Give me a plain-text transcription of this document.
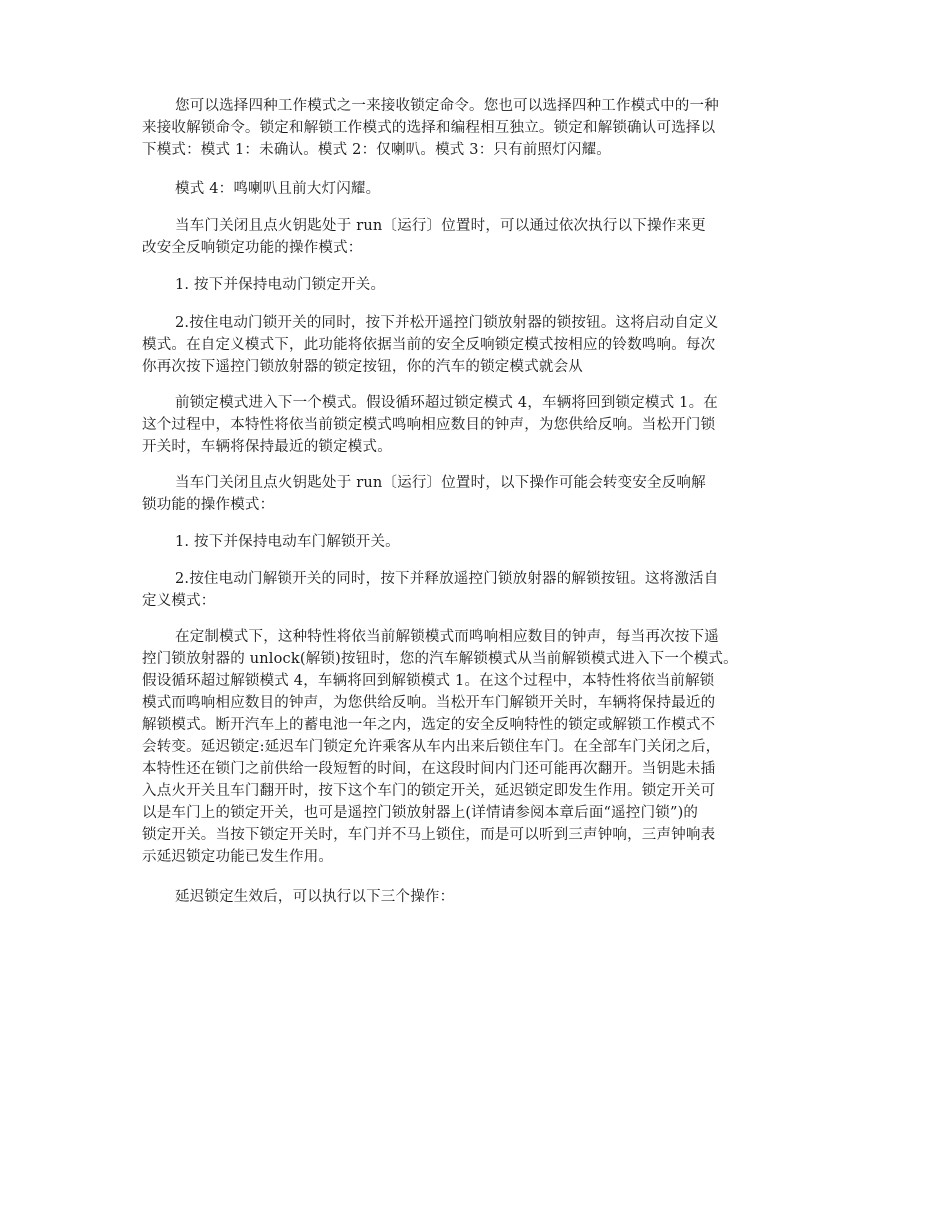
您可以选择四种工作模式之一来接收锁定命令。您也可以选择四种工作模式中的一种
来接收解锁命令。锁定和解锁工作模式的选择和编程相互独立。锁定和解锁确认可选择以
下模式：模式 1：未确认。模式 2：仅喇叭。模式 3：只有前照灯闪耀。

模式 4：鸣喇叭且前大灯闪耀。

当车门关闭且点火钥匙处于 run〔运行〕位置时，可以通过依次执行以下操作来更
改安全反响锁定功能的操作模式：

1. 按下并保持电动门锁定开关。

2.按住电动门锁开关的同时，按下并松开遥控门锁放射器的锁按钮。这将启动自定义
模式。在自定义模式下，此功能将依据当前的安全反响锁定模式按相应的铃数鸣响。每次
你再次按下遥控门锁放射器的锁定按钮，你的汽车的锁定模式就会从

前锁定模式进入下一个模式。假设循环超过锁定模式 4，车辆将回到锁定模式 1。在
这个过程中，本特性将依当前锁定模式鸣响相应数目的钟声，为您供给反响。当松开门锁
开关时，车辆将保持最近的锁定模式。

当车门关闭且点火钥匙处于 run〔运行〕位置时，以下操作可能会转变安全反响解
锁功能的操作模式：

1. 按下并保持电动车门解锁开关。

2.按住电动门解锁开关的同时，按下并释放遥控门锁放射器的解锁按钮。这将激活自
定义模式：

在定制模式下，这种特性将依当前解锁模式而鸣响相应数目的钟声，每当再次按下遥
控门锁放射器的 unlock(解锁)按钮时，您的汽车解锁模式从当前解锁模式进入下一个模式。
假设循环超过解锁模式 4，车辆将回到解锁模式 1。在这个过程中，本特性将依当前解锁
模式而鸣响相应数目的钟声，为您供给反响。当松开车门解锁开关时，车辆将保持最近的
解锁模式。断开汽车上的蓄电池一年之内，选定的安全反响特性的锁定或解锁工作模式不
会转变。延迟锁定:延迟车门锁定允许乘客从车内出来后锁住车门。在全部车门关闭之后，
本特性还在锁门之前供给一段短暂的时间，在这段时间内门还可能再次翻开。当钥匙未插
入点火开关且车门翻开时，按下这个车门的锁定开关，延迟锁定即发生作用。锁定开关可
以是车门上的锁定开关，也可是遥控门锁放射器上(详情请参阅本章后面“遥控门锁”)的
锁定开关。当按下锁定开关时，车门并不马上锁住，而是可以听到三声钟响，三声钟响表
示延迟锁定功能已发生作用。

延迟锁定生效后，可以执行以下三个操作：
